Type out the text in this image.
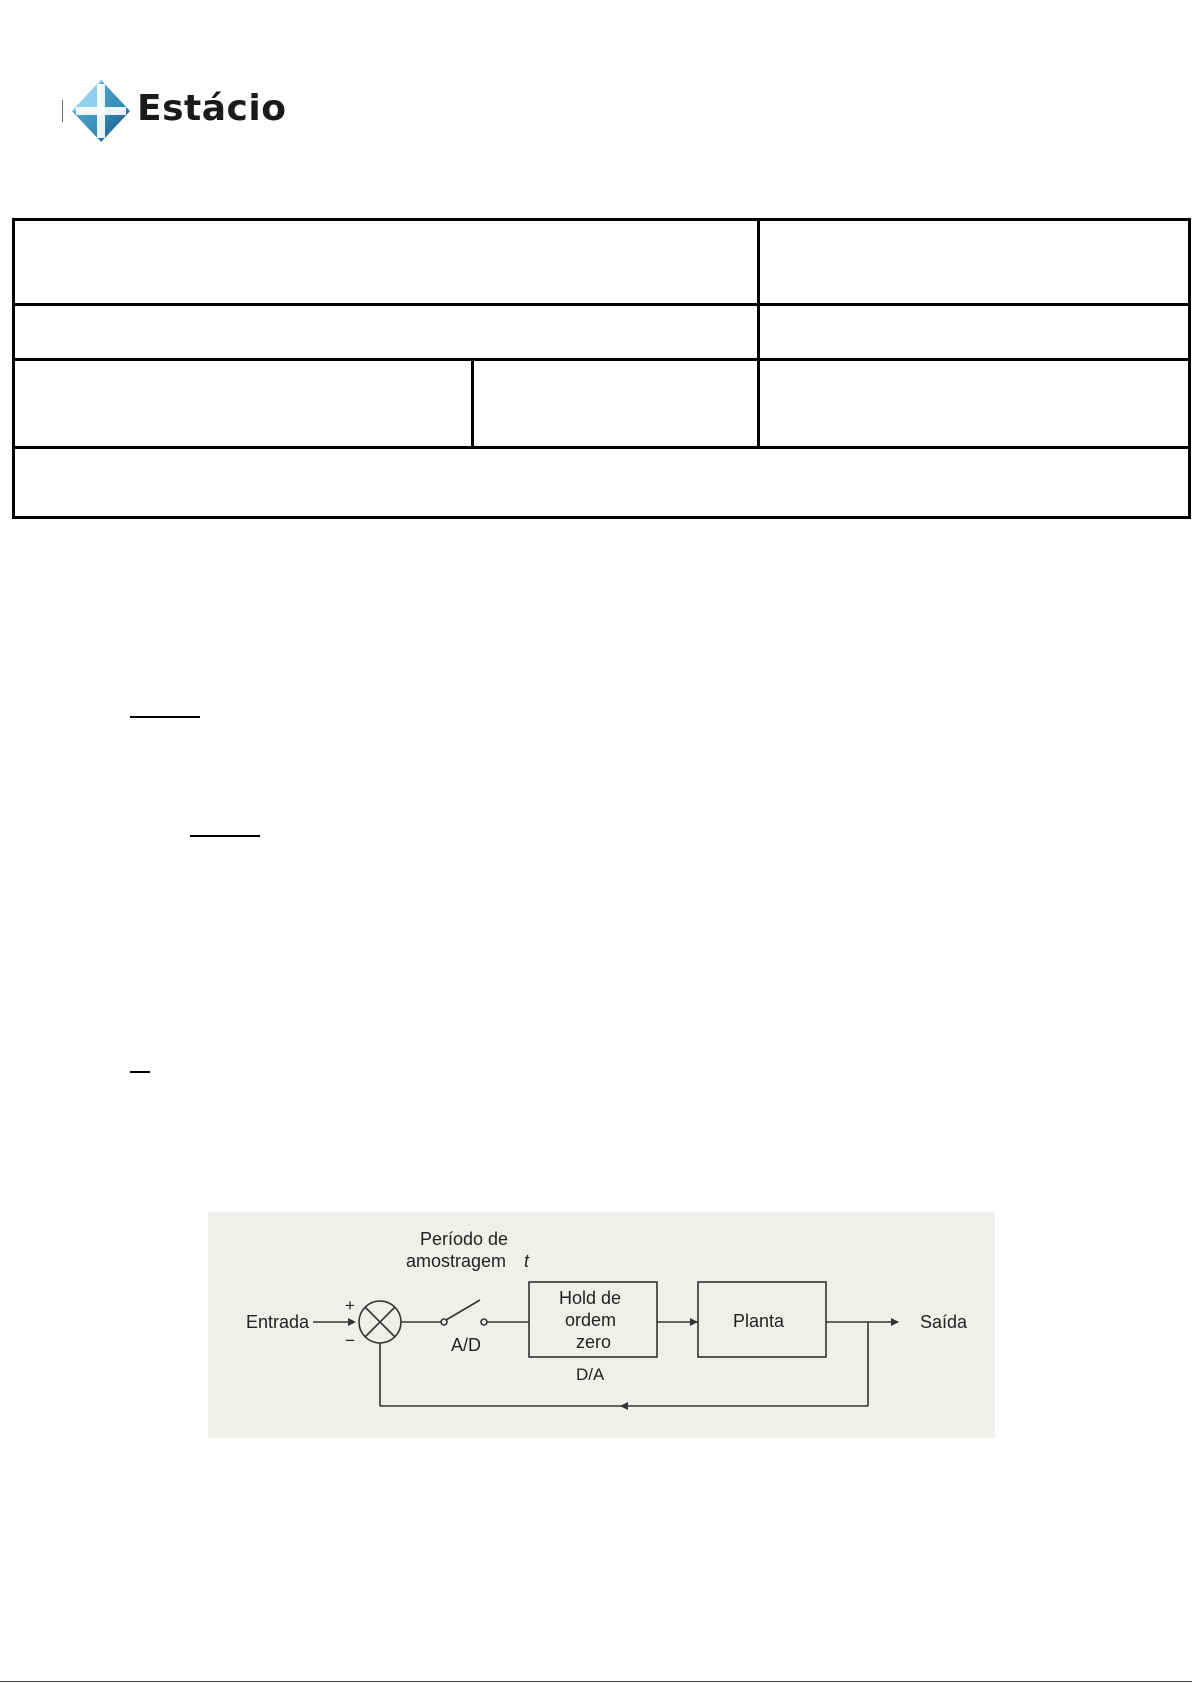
Estácio
Período de
amostragem t
Entrada
+
−	A/D
Hold de
ordem
zero
D/A
Planta	Saída
